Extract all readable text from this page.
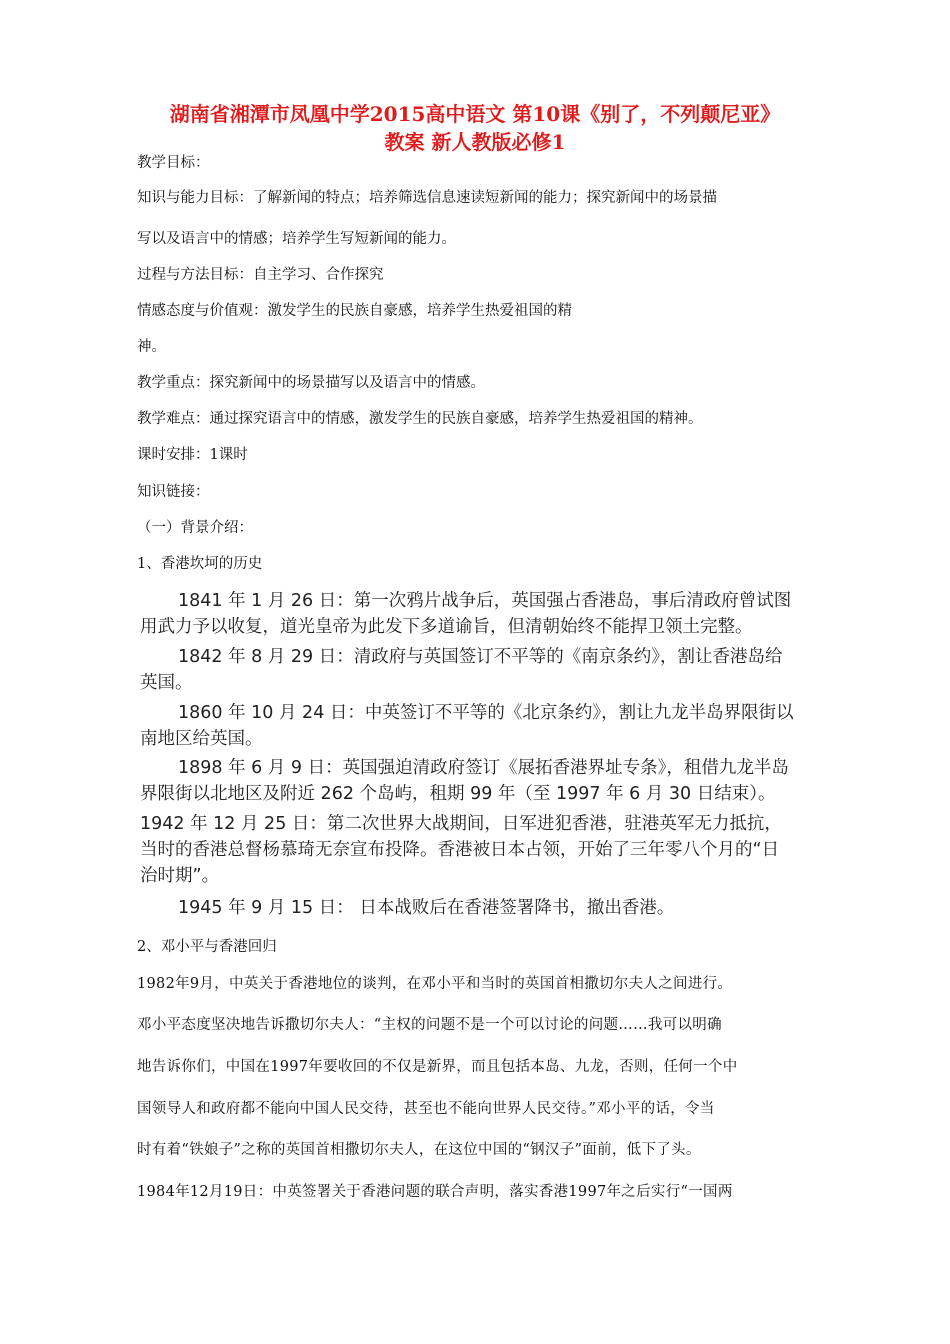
湖南省湘潭市凤凰中学2015高中语文 第10课《别了，不列颠尼亚》
教案 新人教版必修1
教学目标：
知识与能力目标：了解新闻的特点；培养筛选信息速读短新闻的能力；探究新闻中的场景描
写以及语言中的情感；培养学生写短新闻的能力。
过程与方法目标：自主学习、合作探究
情感态度与价值观：激发学生的民族自豪感，培养学生热爱祖国的精
神。
教学重点：探究新闻中的场景描写以及语言中的情感。
教学难点：通过探究语言中的情感，激发学生的民族自豪感，培养学生热爱祖国的精神。
课时安排：1课时
知识链接：
（一）背景介绍：
1、香港坎坷的历史
1841 年 1 月 26 日：第一次鸦片战争后，英国强占香港岛，事后清政府曾试图
用武力予以收复，道光皇帝为此发下多道谕旨，但清朝始终不能捍卫领土完整。
1842 年 8 月 29 日：清政府与英国签订不平等的《南京条约》，割让香港岛给
英国。
1860 年 10 月 24 日：中英签订不平等的《北京条约》，割让九龙半岛界限街以
南地区给英国。
1898 年 6 月 9 日：英国强迫清政府签订《展拓香港界址专条》，租借九龙半岛
界限街以北地区及附近 262 个岛屿，租期 99 年（至 1997 年 6 月 30 日结束）。
1942 年 12 月 25 日：第二次世界大战期间，日军进犯香港，驻港英军无力抵抗，
当时的香港总督杨慕琦无奈宣布投降。香港被日本占领，开始了三年零八个月的“日
治时期”。
1945 年 9 月 15 日： 日本战败后在香港签署降书，撤出香港。
2、邓小平与香港回归
1982年9月，中英关于香港地位的谈判，在邓小平和当时的英国首相撒切尔夫人之间进行。
邓小平态度坚决地告诉撒切尔夫人：“主权的问题不是一个可以讨论的问题……我可以明确
地告诉你们，中国在1997年要收回的不仅是新界，而且包括本岛、九龙，否则，任何一个中
国领导人和政府都不能向中国人民交待，甚至也不能向世界人民交待。”邓小平的话，令当
时有着“铁娘子”之称的英国首相撒切尔夫人，在这位中国的“钢汉子”面前，低下了头。
1984年12月19日：中英签署关于香港问题的联合声明，落实香港1997年之后实行“一国两
